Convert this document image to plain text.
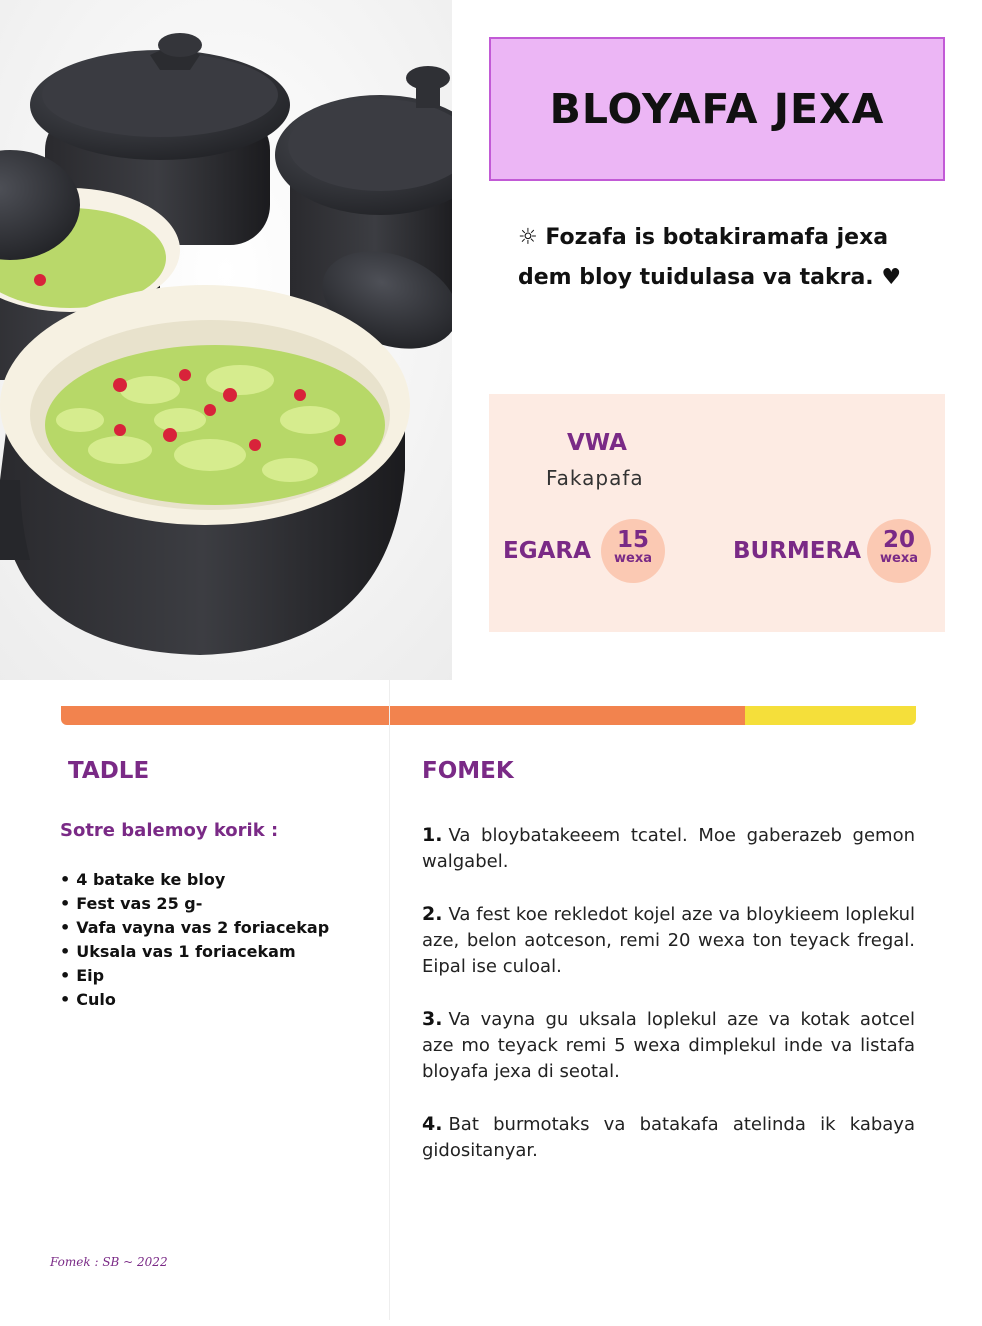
BLOYAFA JEXA
☼ Fozafa is botakiramafa jexa dem bloy tuidulasa va takra. ♥
VWA
Fakapafa
EGARA	15
wexa	BURMERA 20
wexa
TADLE
Sotre balemoy korik :
• 4 batake ke bloy
• Fest vas 25 g-
• Vafa vayna vas 2 foriacekap
• Uksala vas 1 foriacekam
• Eip
• Culo
FOMEK

1. Va bloybatakeeem tcatel. Moe gaberazeb gemon walgabel.

2. Va fest koe rekledot kojel aze va bloykieem loplekul aze, belon aotceson, remi 20 wexa ton teyack fregal. Eipal ise culoal.

3. Va vayna gu uksala loplekul aze va kotak aotcel aze mo teyack remi 5 wexa dimplekul inde va listafa bloyafa jexa di seotal.

4. Bat burmotaks va batakafa atelinda ik kabaya gidositanyar.

Fomek : SB ~ 2022
